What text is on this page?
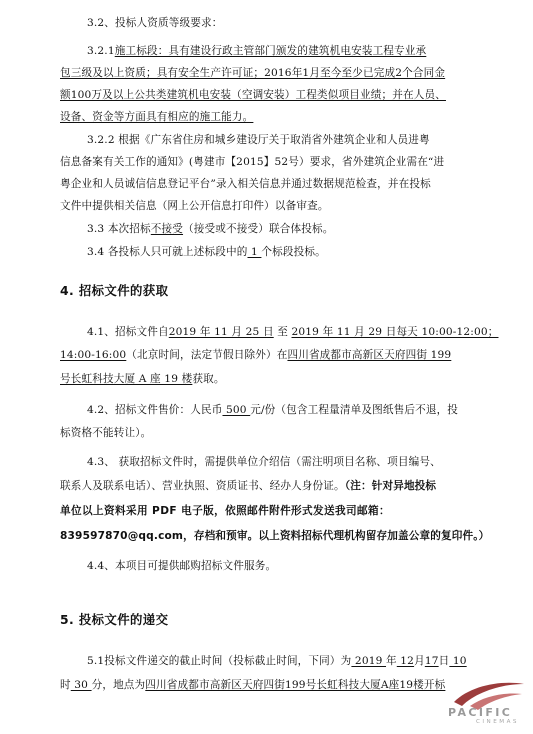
3.2、投标人资质等级要求：
3.2.1施工标段：具有建设行政主管部门颁发的建筑机电安装工程专业承
包三级及以上资质；具有安全生产许可证；2016年1月至今至少已完成2个合同金
额100万及以上公共类建筑机电安装（空调安装）工程类似项目业绩；并在人员、
设备、资金等方面具有相应的施工能力。
3.2.2 根据《广东省住房和城乡建设厅关于取消省外建筑企业和人员进粤
信息备案有关工作的通知》(粤建市【2015】52号）要求，省外建筑企业需在“进
粤企业和人员诚信信息登记平台”录入相关信息并通过数据规范检查，并在投标
文件中提供相关信息（网上公开信息打印件）以备审查。
3.3 本次招标不接受（接受或不接受）联合体投标。
3.4 各投标人只可就上述标段中的 1 个标段投标。
4. 招标文件的获取
4.1、招标文件自2019 年 11 月 25 日 至 2019 年 11 月 29 日每天 10:00-12:00；
14:00-16:00（北京时间，法定节假日除外）在四川省成都市高新区天府四街 199
号长虹科技大厦 A 座 19 楼获取。
4.2、招标文件售价：人民币 500 元/份（包含工程量清单及图纸售后不退，投
标资格不能转让）。
4.3、 获取招标文件时，需提供单位介绍信（需注明项目名称、项目编号、
联系人及联系电话）、营业执照、资质证书、经办人身份证。（注：针对异地投标
单位以上资料采用 PDF 电子版，依照邮件附件形式发送我司邮箱：
839597870@qq.com，存档和预审。以上资料招标代理机构留存加盖公章的复印件。）
4.4、本项目可提供邮购招标文件服务。
5. 投标文件的递交
5.1投标文件递交的截止时间（投标截止时间，下同）为 2019 年 12月17日 10
时 30 分，地点为四川省成都市高新区天府四街199号长虹科技大厦A座19楼开标
PACIFIC
CINEMAS
